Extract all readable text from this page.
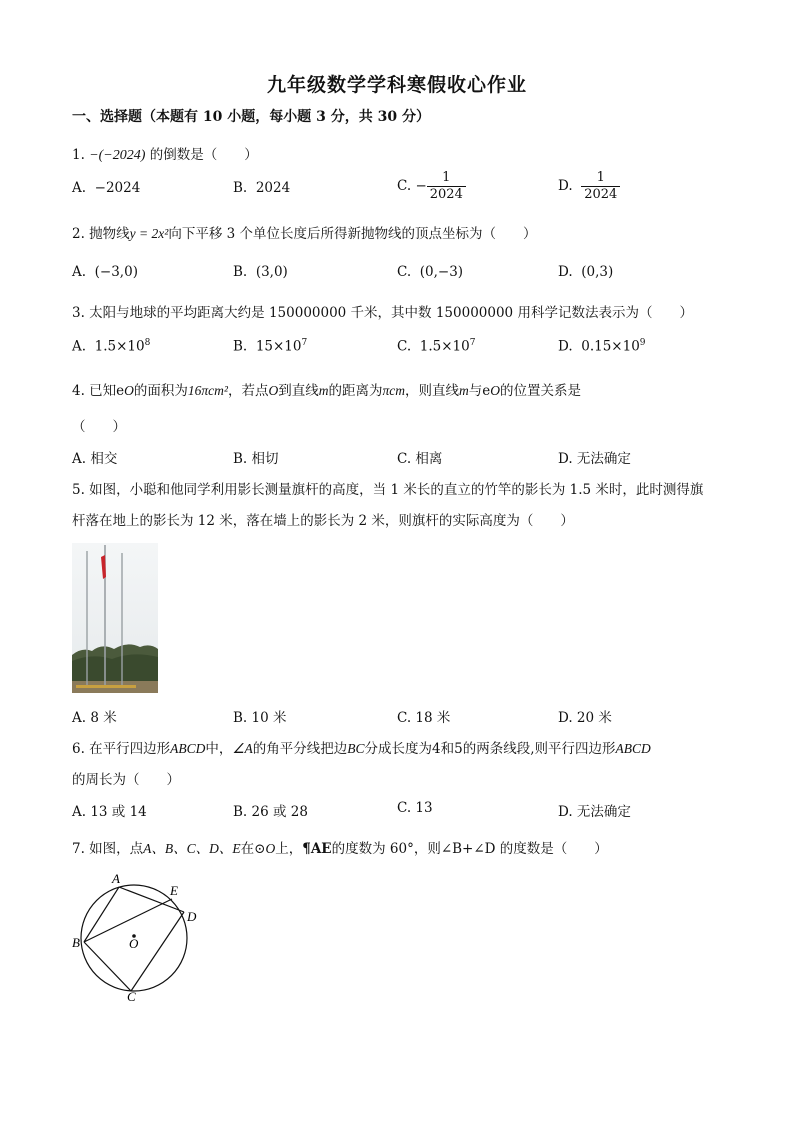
九年级数学学科寒假收心作业
一、选择题（本题有 10 小题，每小题 3 分，共 30 分）
1. −(−2024) 的倒数是（　　）
A. −2024	B. 2024	C. − $\frac{1}{2024}$	D. $\frac{1}{2024}$
2. 抛物线y = 2x²向下平移 3 个单位长度后所得新抛物线的顶点坐标为（　　）
A. (−3,0)	B. (3,0)	C. (0,−3)	D. (0,3)
3. 太阳与地球的平均距离大约是 150000000 千米，其中数 150000000 用科学记数法表示为（　　）
A. $1.5\times 10^8$	B. $15\times 10^7$	C. $1.5\times 10^7$	D. $0.15\times 10^9$
4. 已知eO的面积为16πcm²，若点O到直线m的距离为πcm，则直线m与eO的位置关系是
（　　）
A. 相交	B. 相切	C. 相离	D. 无法确定
5. 如图，小聪和他同学利用影长测量旗杆的高度，当 1 米长的直立的竹竿的影长为 1.5 米时，此时测得旗
杆落在地上的影长为 12 米，落在墙上的影长为 2 米，则旗杆的实际高度为（　　）
A. 8 米	B. 10 米	C. 18 米	D. 20 米
6. 在平行四边形ABCD中，∠A的角平分线把边BC分成长度为4和5的两条线段,则平行四边形ABCD
的周长为（　　）
A. 13 或 14	B. 26 或 28	C. 13	D. 无法确定
7. 如图，点A、B、C、D、E在⊙O上，¶AE的度数为 60°，则∠B+∠D 的度数是（　　）
A
E
D
B	O
C
